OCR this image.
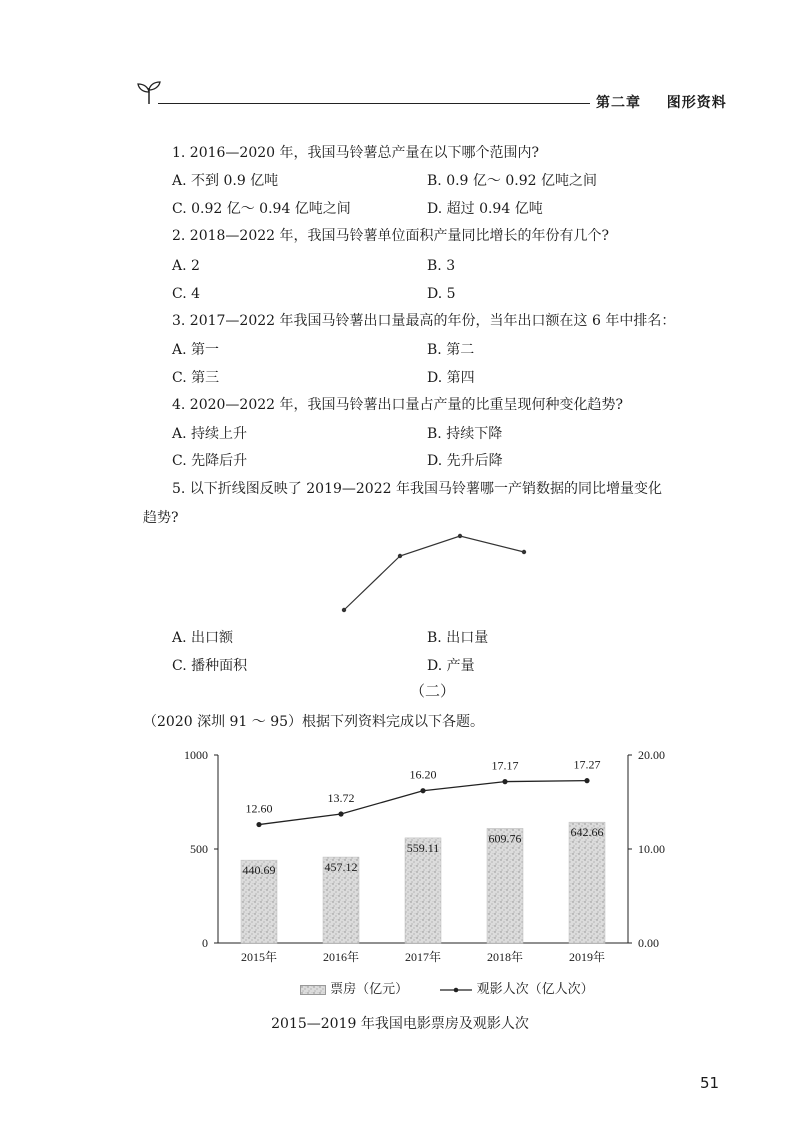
第二章 图形资料
1. 2016—2020 年，我国马铃薯总产量在以下哪个范围内?
A. 不到 0.9 亿吨	B. 0.9 亿～ 0.92 亿吨之间
C. 0.92 亿～ 0.94 亿吨之间	D. 超过 0.94 亿吨
2. 2018—2022 年，我国马铃薯单位面积产量同比增长的年份有几个?
A. 2	B. 3
C. 4	D. 5
3. 2017—2022 年我国马铃薯出口量最高的年份，当年出口额在这 6 年中排名：
A. 第一	B. 第二
C. 第三	D. 第四
4. 2020—2022 年，我国马铃薯出口量占产量的比重呈现何种变化趋势?
A. 持续上升	B. 持续下降
C. 先降后升	D. 先升后降
5. 以下折线图反映了 2019—2022 年我国马铃薯哪一产销数据的同比增量变化
趋势?
A. 出口额	B. 出口量
C. 播种面积	D. 产量
（二）
（2020 深圳 91 ～ 95）根据下列资料完成以下各题。
0
500
1000
0.00
10.00
20.00
2015年
440.69
2016年
457.12
2017年
559.11
2018年
609.76
2019年
642.66
12.60
13.72
16.20
17.17	17.27
票房（亿元）	观影人次（亿人次）
2015—2019 年我国电影票房及观影人次
51
